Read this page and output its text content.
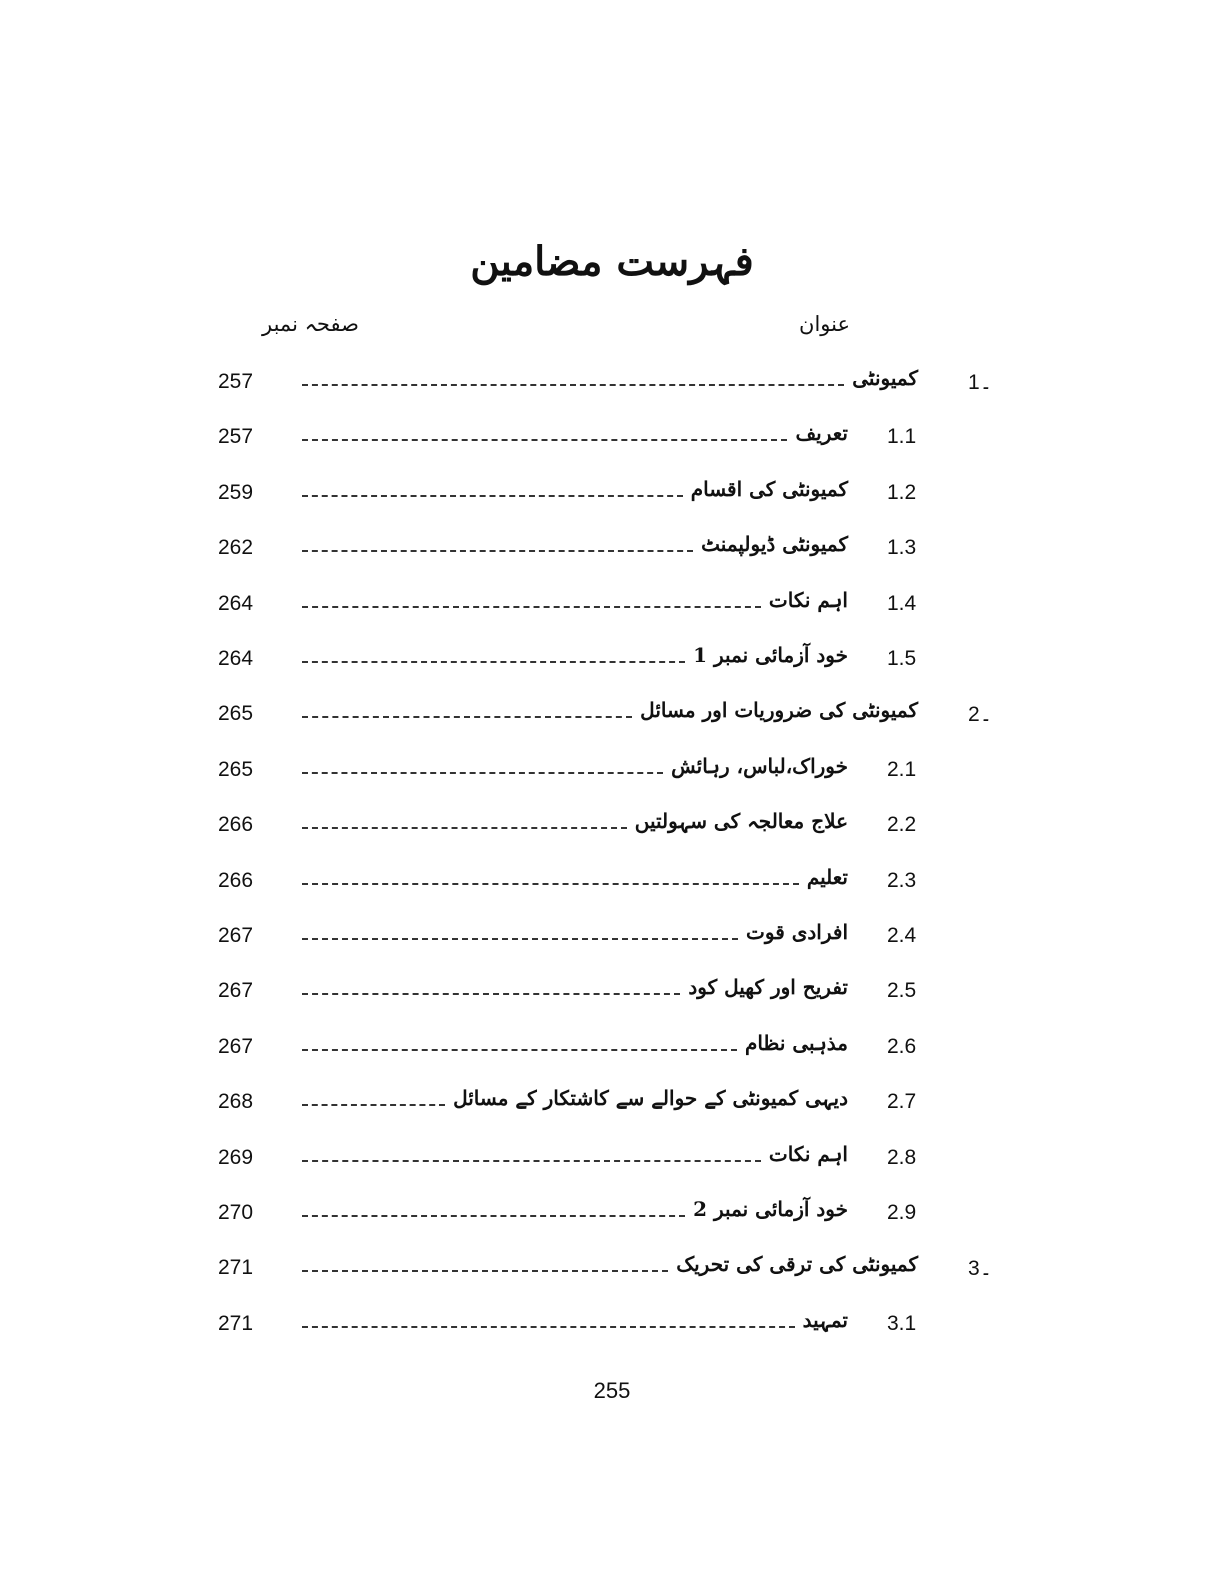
فہرست مضامین
عنوان
صفحہ نمبر
257	کمیونٹی 1۔
257	تعریف 1.1
259	کمیونٹی کی اقسام 1.2
262	کمیونٹی ڈیولپمنٹ 1.3
264	اہم نکات 1.4
264	خود آزمائی نمبر 1 1.5
265	کمیونٹی کی ضروریات اور مسائل 2۔
265	خوراک،لباس، رہائش 2.1
266	علاج معالجہ کی سہولتیں 2.2
266	تعلیم 2.3
267	افرادی قوت 2.4
267	تفریح اور کھیل کود 2.5
267	مذہبی نظام 2.6
268	دیہی کمیونٹی کے حوالے سے کاشتکار کے مسائل 2.7
269	اہم نکات 2.8
270	خود آزمائی نمبر 2 2.9
271	کمیونٹی کی ترقی کی تحریک 3۔
271	تمہید 3.1
255
